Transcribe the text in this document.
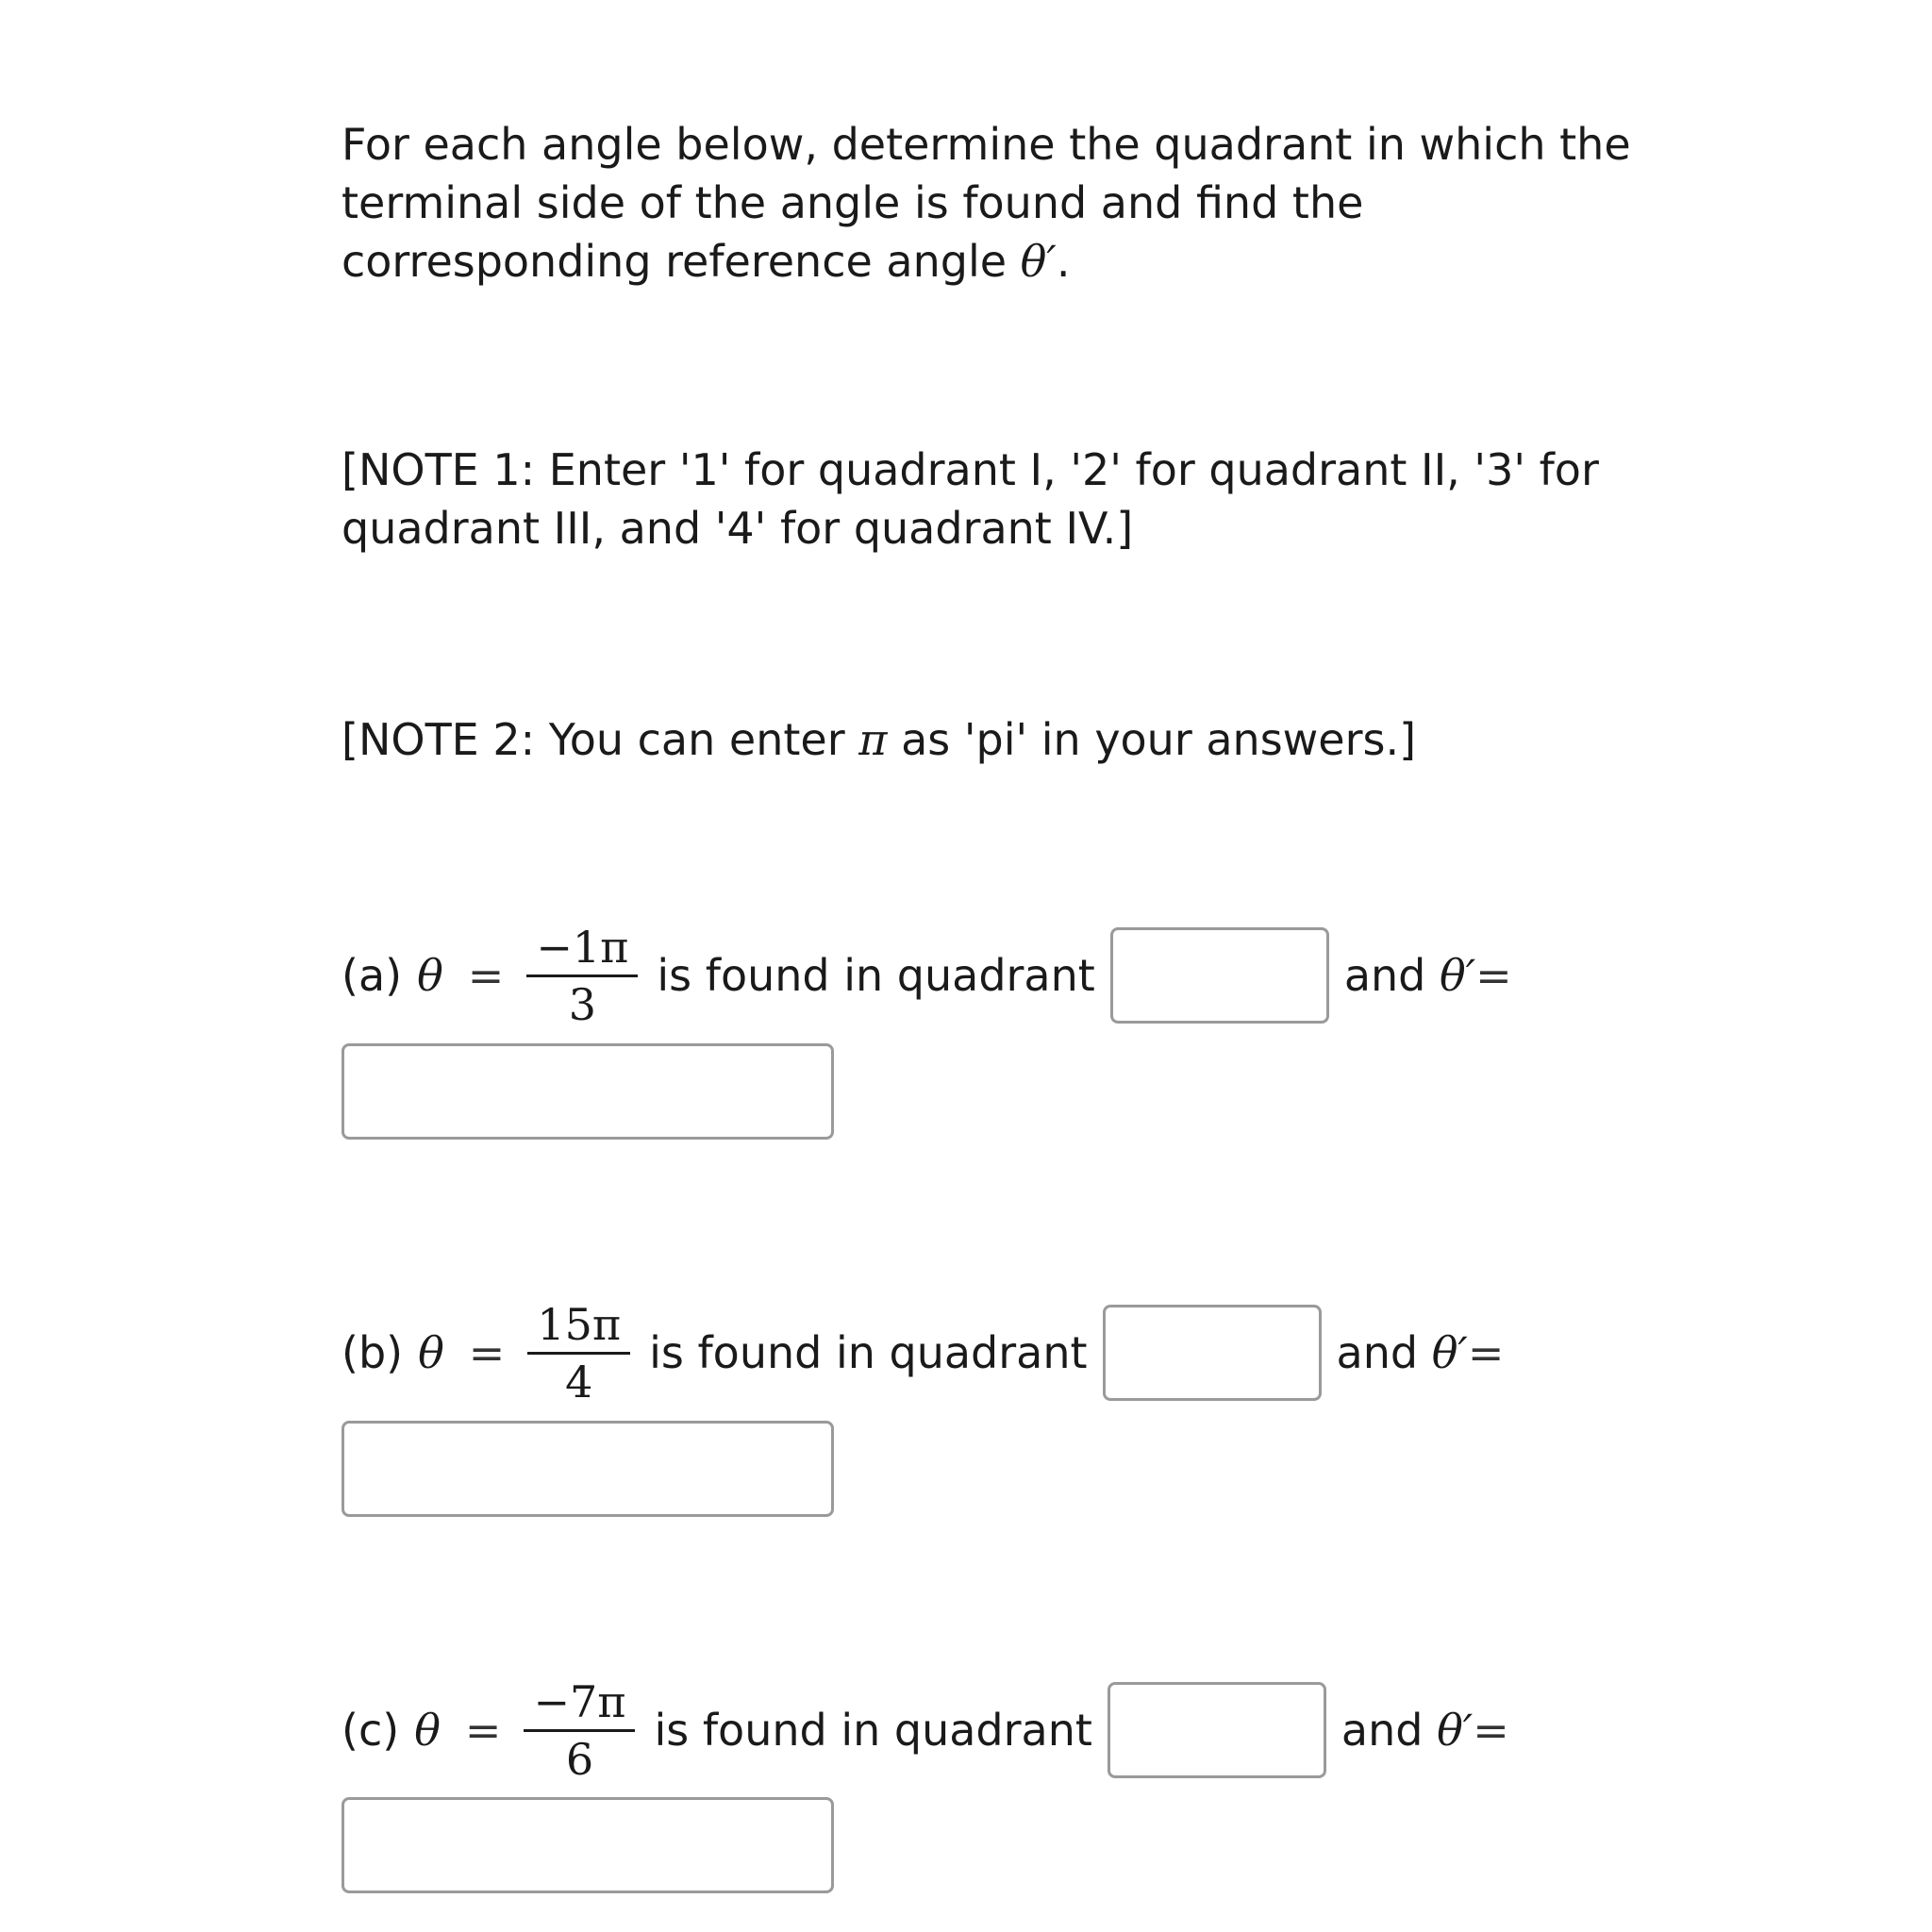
For each angle below, determine the quadrant in which the terminal side of the angle is found and find the corresponding reference angle θ′.

[NOTE 1: Enter '1' for quadrant I, '2' for quadrant II, '3' for quadrant III, and '4' for quadrant IV.]

[NOTE 2: You can enter π as 'pi' in your answers.]

(a) $\theta = \frac{-1\pi}{3}$ is found in quadrant	and θ′=
(b) $\theta = \frac{15\pi}{4}$ is found in quadrant	and θ′=
(c) $\theta = \frac{-7\pi}{6}$ is found in quadrant	and θ′=
